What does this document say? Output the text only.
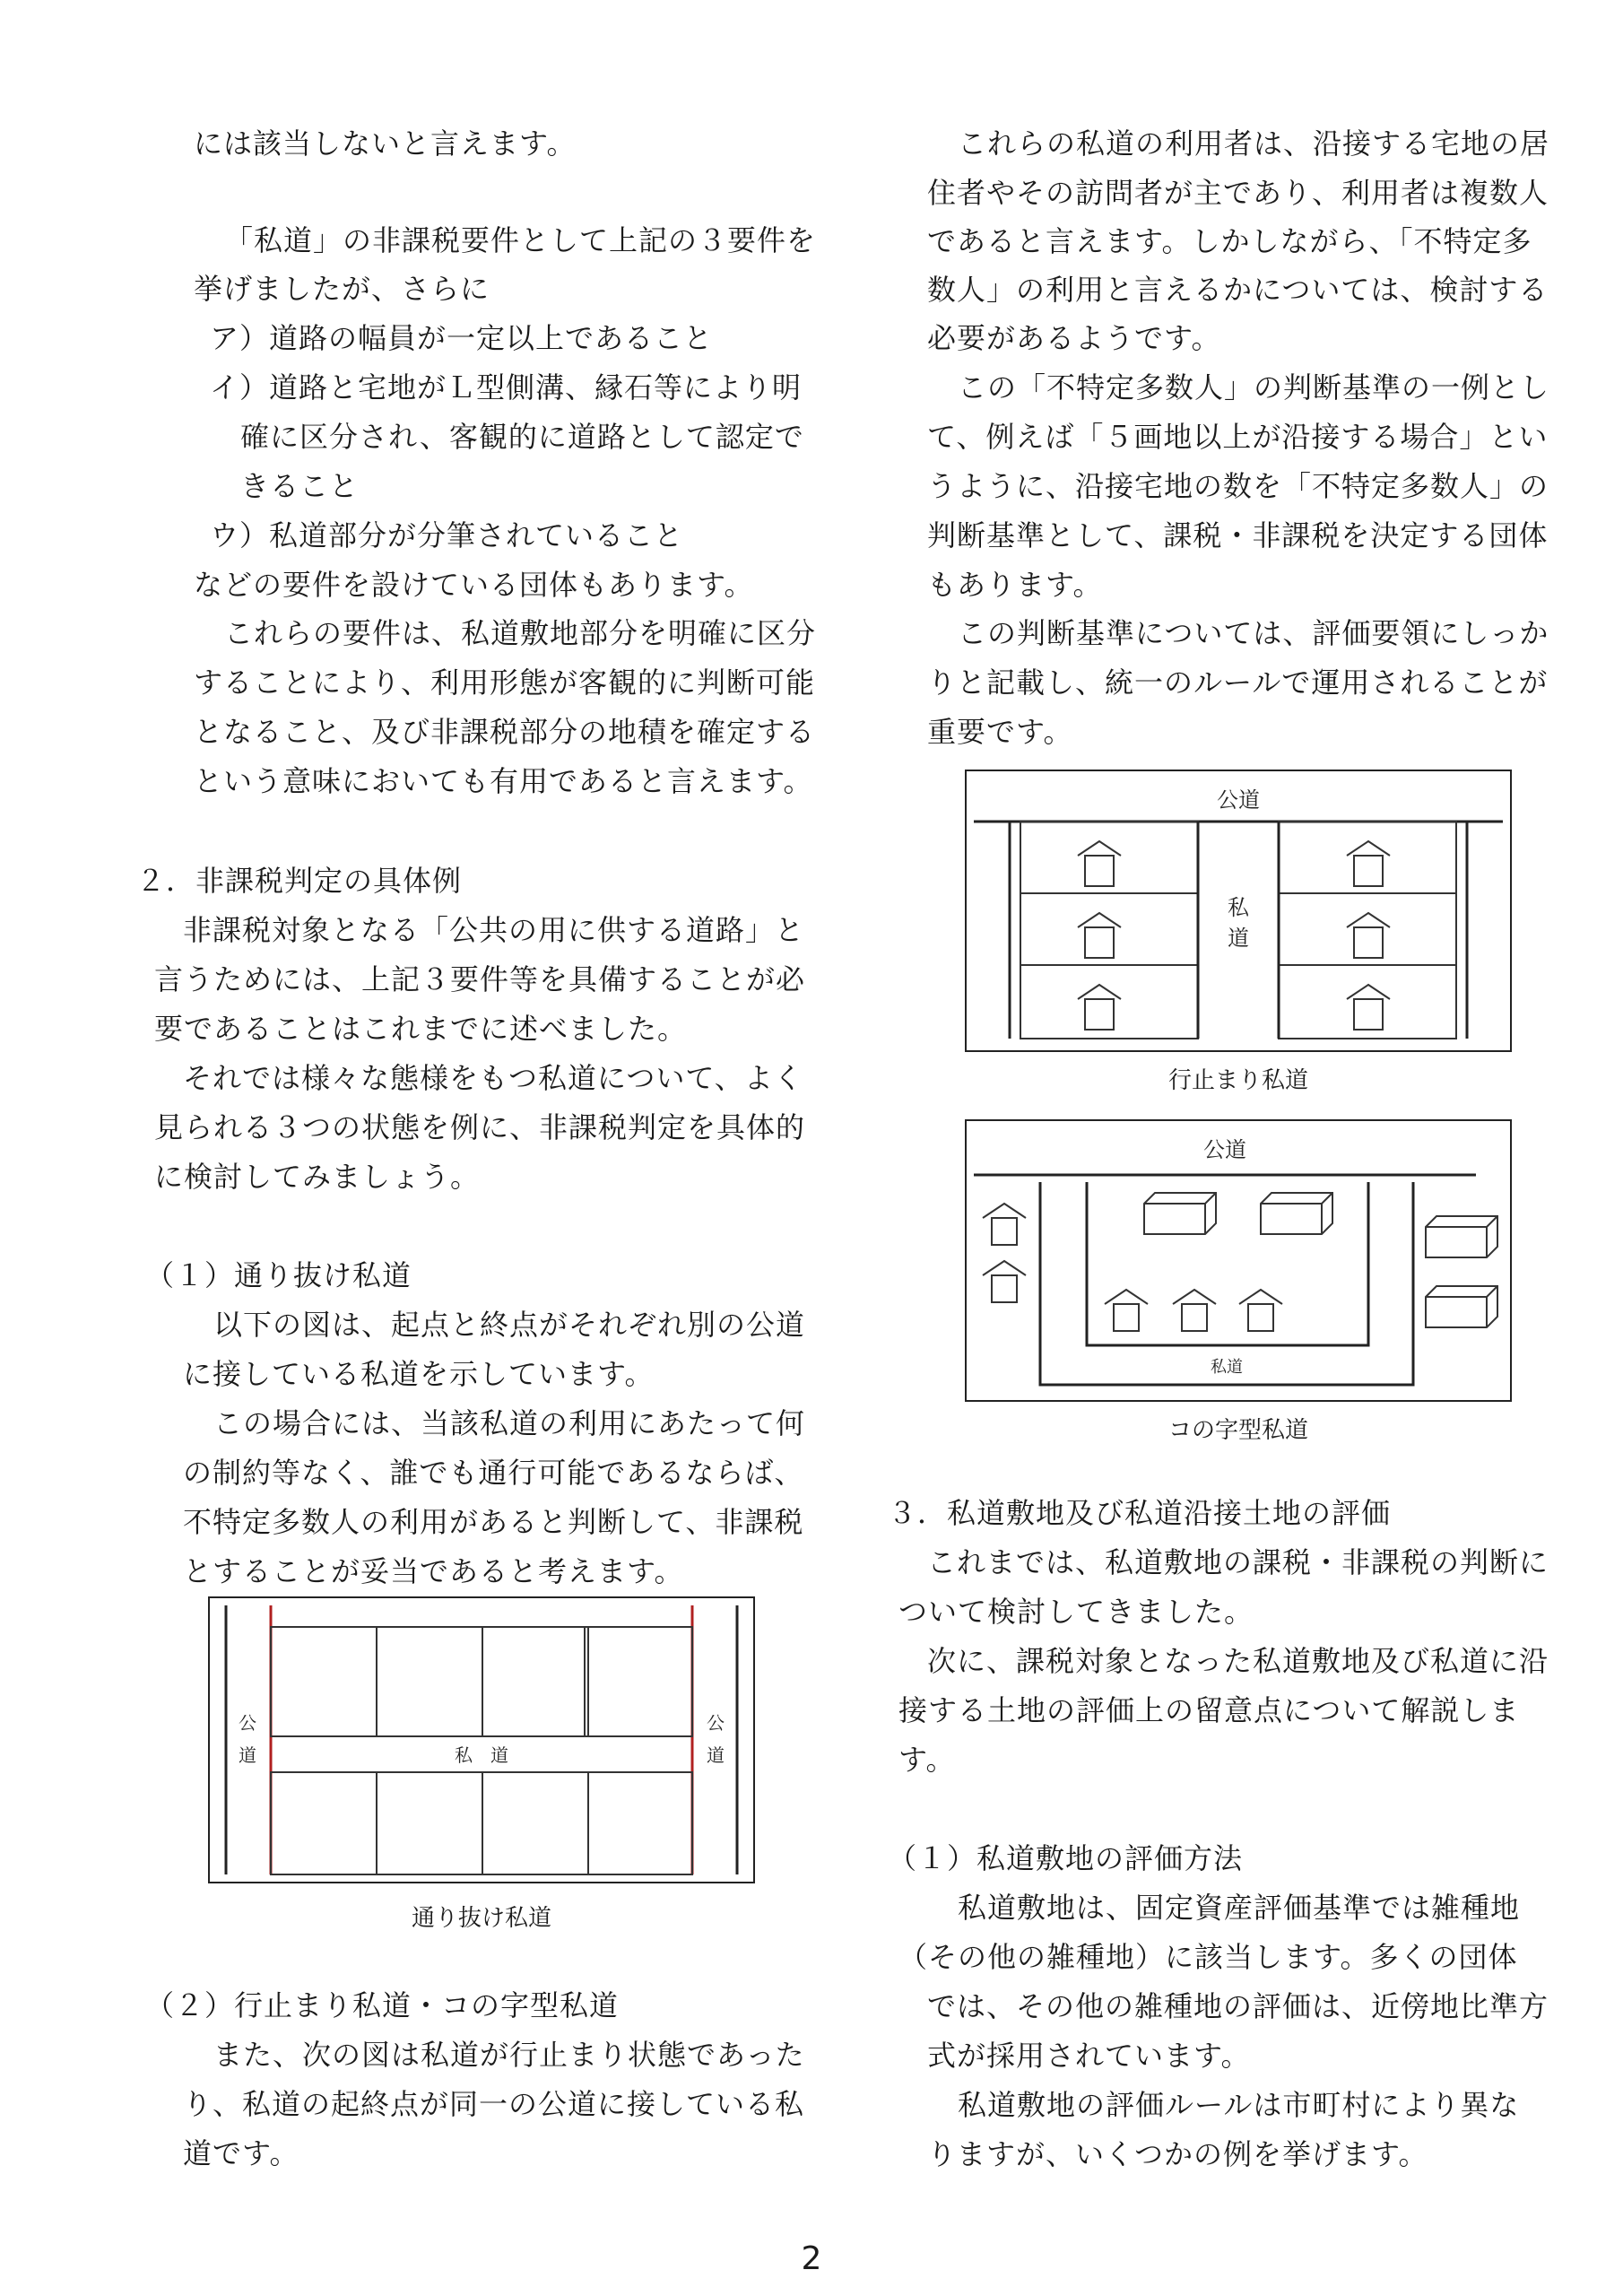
には該当しないと言えます。
「私道」の非課税要件として上記の３要件を
挙げましたが、さらに
ア）道路の幅員が一定以上であること
イ）道路と宅地がＬ型側溝、縁石等により明
確に区分され、客観的に道路として認定で
きること
ウ）私道部分が分筆されていること
などの要件を設けている団体もあります。
これらの要件は、私道敷地部分を明確に区分
することにより、利用形態が客観的に判断可能
となること、及び非課税部分の地積を確定する
という意味においても有用であると言えます。
２．非課税判定の具体例
非課税対象となる「公共の用に供する道路」と
言うためには、上記３要件等を具備することが必
要であることはこれまでに述べました。
それでは様々な態様をもつ私道について、よく
見られる３つの状態を例に、非課税判定を具体的
に検討してみましょう。
（１）通り抜け私道
以下の図は、起点と終点がそれぞれ別の公道
に接している私道を示しています。
この場合には、当該私道の利用にあたって何
の制約等なく、誰でも通行可能であるならば、
不特定多数人の利用があると判断して、非課税
とすることが妥当であると考えます。
（２）行止まり私道・コの字型私道
また、次の図は私道が行止まり状態であった
り、私道の起終点が同一の公道に接している私
道です。
公
道
公
道
私　道
通り抜け私道
これらの私道の利用者は、沿接する宅地の居
住者やその訪問者が主であり、利用者は複数人
であると言えます。しかしながら、「不特定多
数人」の利用と言えるかについては、検討する
必要があるようです。
この「不特定多数人」の判断基準の一例とし
て、例えば「５画地以上が沿接する場合」とい
うように、沿接宅地の数を「不特定多数人」の
判断基準として、課税・非課税を決定する団体
もあります。
この判断基準については、評価要領にしっか
りと記載し、統一のルールで運用されることが
重要です。
３．私道敷地及び私道沿接土地の評価
これまでは、私道敷地の課税・非課税の判断に
ついて検討してきました。
次に、課税対象となった私道敷地及び私道に沿
接する土地の評価上の留意点について解説しま
す。
（１）私道敷地の評価方法
私道敷地は、固定資産評価基準では雑種地
（その他の雑種地）に該当します。多くの団体
では、その他の雑種地の評価は、近傍地比準方
式が採用されています。
私道敷地の評価ルールは市町村により異な
りますが、いくつかの例を挙げます。
公道
私
道
行止まり私道
公道
私道
コの字型私道
2
